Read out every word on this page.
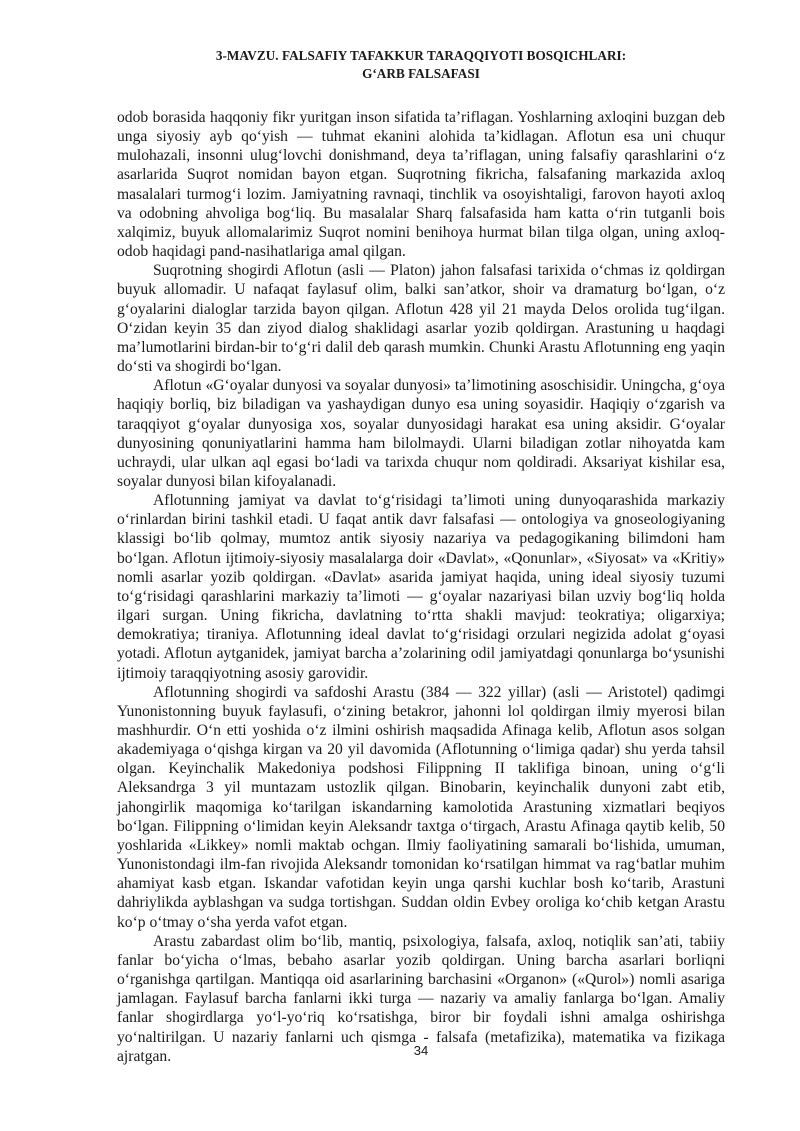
3-MAVZU. FALSAFIY TAFAKKUR TARAQQIYOTI BOSQICHLARI:
G‘ARB FALSAFASI

odob borasida haqqoniy fikr yuritgan inson sifatida ta’riflagan. Yoshlarning axloqini buzgan deb unga siyosiy ayb qo‘yish — tuhmat ekanini alohida ta’kidlagan. Aflotun esa uni chuqur mulohazali, insonni ulug‘lovchi donishmand, deya ta’riflagan, uning falsafiy qarashlarini o‘z asarlarida Suqrot nomidan bayon etgan. Suqrotning fikricha, falsafaning markazida axloq masalalari turmog‘i lozim. Jamiyatning ravnaqi, tinchlik va osoyishtaligi, farovon hayoti axloq va odobning ahvoliga bog‘liq. Bu masalalar Sharq falsafasida ham katta o‘rin tutganli bois xalqimiz, buyuk allomalarimiz Suqrot nomini benihoya hurmat bilan tilga olgan, uning axloq-odob haqidagi pand-nasihatlariga amal qilgan.

Suqrotning shogirdi Aflotun (asli — Platon) jahon falsafasi tarixida o‘chmas iz qoldirgan buyuk allomadir. U nafaqat faylasuf olim, balki san’atkor, shoir va dramaturg bo‘lgan, o‘z g‘oyalarini dialoglar tarzida bayon qilgan. Aflotun 428 yil 21 mayda Delos orolida tug‘ilgan. O‘zidan keyin 35 dan ziyod dialog shaklidagi asarlar yozib qoldirgan. Arastuning u haqdagi ma’lumotlarini birdan-bir to‘g‘ri dalil deb qarash mumkin. Chunki Arastu Aflotunning eng yaqin do‘sti va shogirdi bo‘lgan.

Aflotun «G‘oyalar dunyosi va soyalar dunyosi» ta’limotining asoschisidir. Uningcha, g‘oya haqiqiy borliq, biz biladigan va yashaydigan dunyo esa uning soyasidir. Haqiqiy o‘zgarish va taraqqiyot g‘oyalar dunyosiga xos, soyalar dunyosidagi harakat esa uning aksidir. G‘oyalar dunyosining qonuniyatlarini hamma ham bilolmaydi. Ularni biladigan zotlar nihoyatda kam uchraydi, ular ulkan aql egasi bo‘ladi va tarixda chuqur nom qoldiradi. Aksariyat kishilar esa, soyalar dunyosi bilan kifoyalanadi.

Aflotunning jamiyat va davlat to‘g‘risidagi ta’limoti uning dunyoqarashida markaziy o‘rinlardan birini tashkil etadi. U faqat antik davr falsafasi — ontologiya va gnoseologiyaning klassigi bo‘lib qolmay, mumtoz antik siyosiy nazariya va pedagogikaning bilimdoni ham bo‘lgan. Aflotun ijtimoiy-siyosiy masalalarga doir «Davlat», «Qonunlar», «Siyosat» va «Kritiy» nomli asarlar yozib qoldirgan. «Davlat» asarida jamiyat haqida, uning ideal siyosiy tuzumi to‘g‘risidagi qarashlarini markaziy ta’limoti — g‘oyalar nazariyasi bilan uzviy bog‘liq holda ilgari surgan. Uning fikricha, davlatning to‘rtta shakli mavjud: teokratiya; oligarxiya; demokratiya; tiraniya. Aflotunning ideal davlat to‘g‘risidagi orzulari negizida adolat g‘oyasi yotadi. Aflotun aytganidek, jamiyat barcha a’zolarining odil jamiyatdagi qonunlarga bo‘ysunishi ijtimoiy taraqqiyotning asosiy garovidir.

Aflotunning shogirdi va safdoshi Arastu (384 — 322 yillar) (asli — Aristotel) qadimgi Yunonistonning buyuk faylasufi, o‘zining betakror, jahonni lol qoldirgan ilmiy myerosi bilan mashhurdir. O‘n etti yoshida o‘z ilmini oshirish maqsadida Afinaga kelib, Aflotun asos solgan akademiyaga o‘qishga kirgan va 20 yil davomida (Aflotunning o‘limiga qadar) shu yerda tahsil olgan. Keyinchalik Makedoniya podshosi Filippning II taklifiga binoan, uning o‘g‘li Aleksandrga 3 yil muntazam ustozlik qilgan. Binobarin, keyinchalik dunyoni zabt etib, jahongirlik maqomiga ko‘tarilgan iskandarning kamolotida Arastuning xizmatlari beqiyos bo‘lgan. Filippning o‘limidan keyin Aleksandr taxtga o‘tirgach, Arastu Afinaga qaytib kelib, 50 yoshlarida «Likkey» nomli maktab ochgan. Ilmiy faoliyatining samarali bo‘lishida, umuman, Yunonistondagi ilm-fan rivojida Aleksandr tomonidan ko‘rsatilgan himmat va rag‘batlar muhim ahamiyat kasb etgan. Iskandar vafotidan keyin unga qarshi kuchlar bosh ko‘tarib, Arastuni dahriylikda ayblashgan va sudga tortishgan. Suddan oldin Evbey oroliga ko‘chib ketgan Arastu ko‘p o‘tmay o‘sha yerda vafot etgan.

Arastu zabardast olim bo‘lib, mantiq, psixologiya, falsafa, axloq, notiqlik san’ati, tabiiy fanlar bo‘yicha o‘lmas, bebaho asarlar yozib qoldirgan. Uning barcha asarlari borliqni o‘rganishga qartilgan. Mantiqqa oid asarlarining barchasini «Organon» («Qurol») nomli asariga jamlagan. Faylasuf barcha fanlarni ikki turga — nazariy va amaliy fanlarga bo‘lgan. Amaliy fanlar shogirdlarga yo‘l-yo‘riq ko‘rsatishga, biror bir foydali ishni amalga oshirishga yo‘naltirilgan. U nazariy fanlarni uch qismga - falsafa (metafizika), matematika va fizikaga ajratgan.	34
